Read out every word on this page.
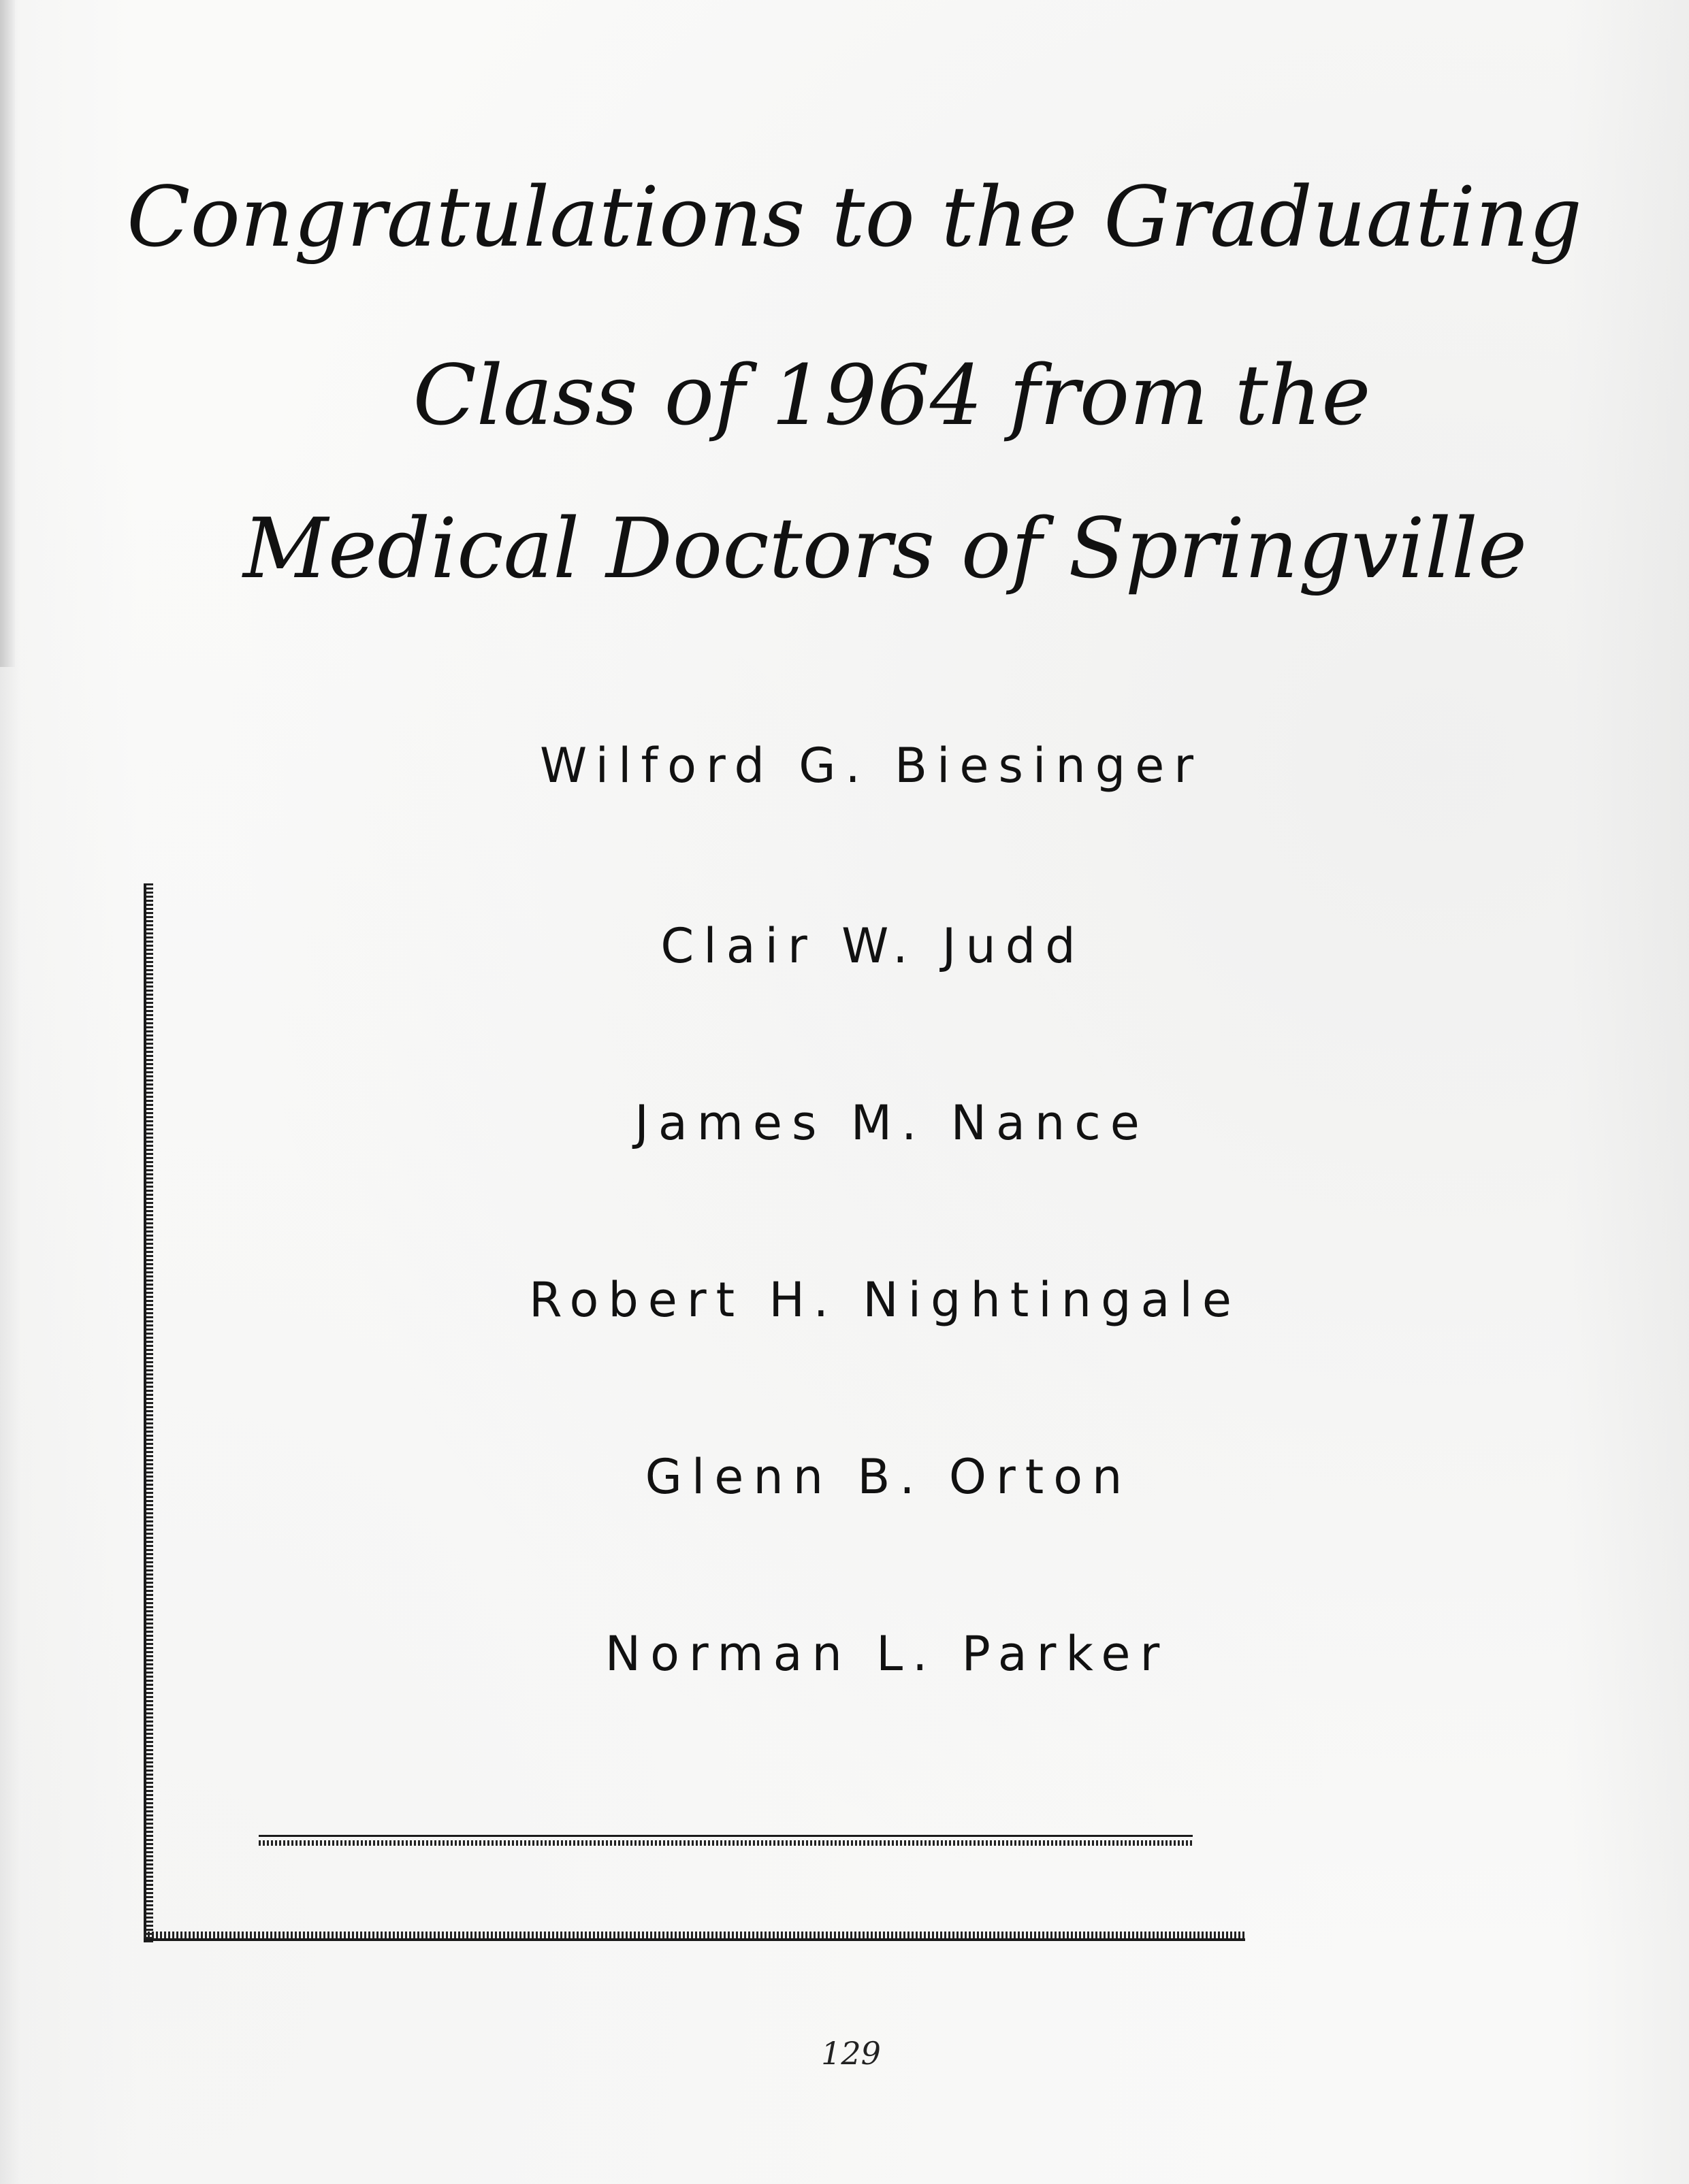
Congratulations to the Graduating
Class of 1964 from the
Medical Doctors of Springville
Wilford G. Biesinger
Clair W. Judd
James M. Nance
Robert H. Nightingale
Glenn B. Orton
Norman L. Parker
129
